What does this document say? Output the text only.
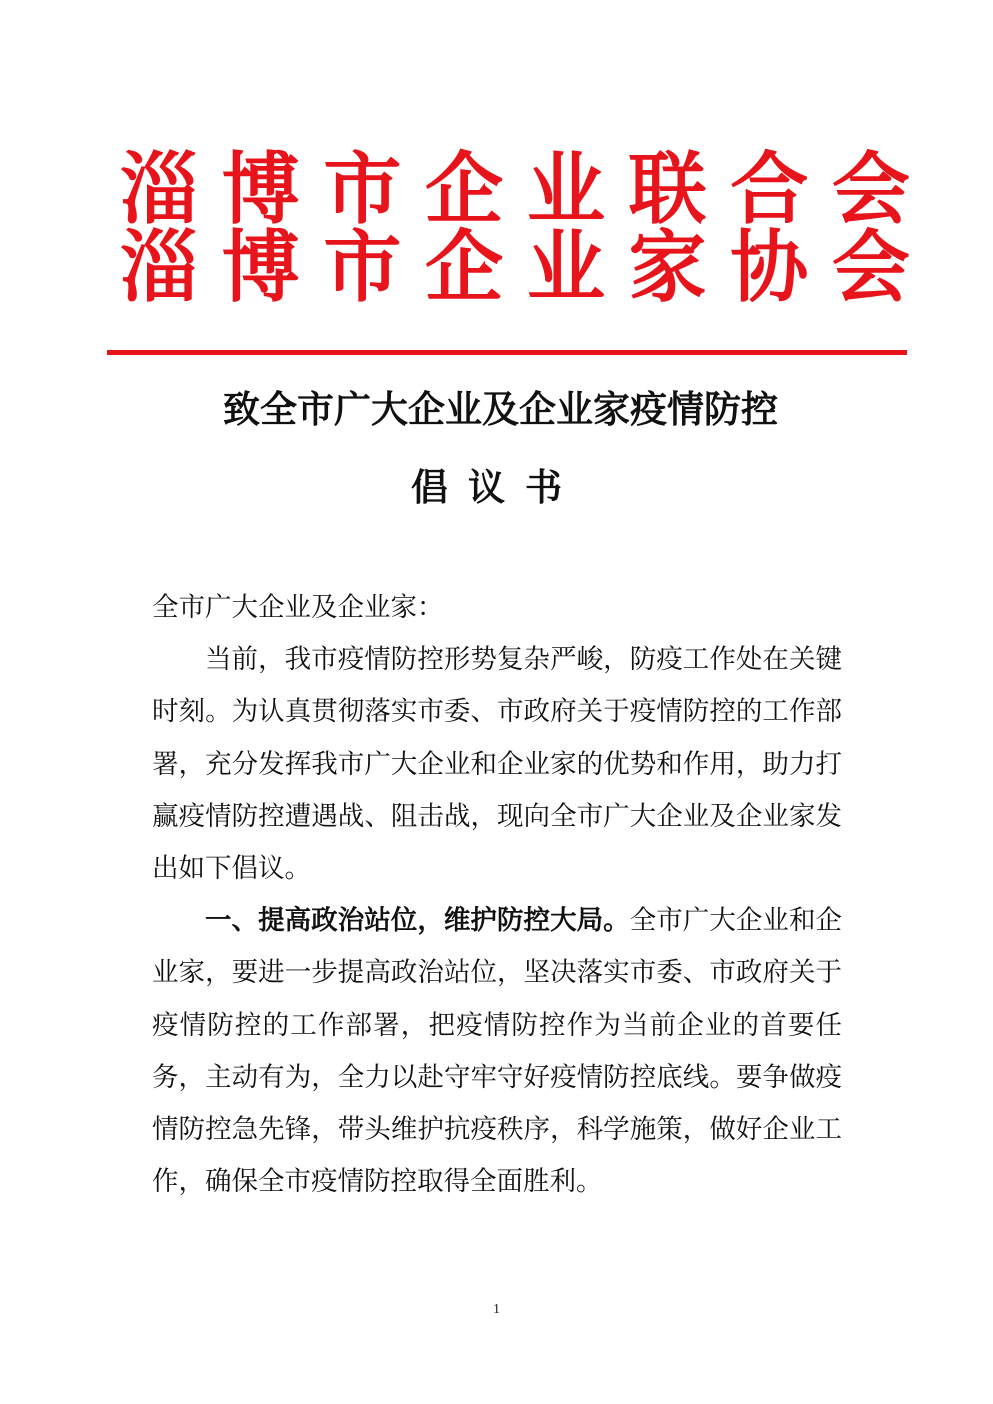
淄 博 市 企 业 联 合 会
淄 博 市 企 业 家 协 会
致全市广大企业及企业家疫情防控
倡议书

全市广大企业及企业家：

当前，我市疫情防控形势复杂严峻，防疫工作处在关键时刻。为认真贯彻落实市委、市政府关于疫情防控的工作部署，充分发挥我市广大企业和企业家的优势和作用，助力打赢疫情防控遭遇战、阻击战，现向全市广大企业及企业家发出如下倡议。

一、提高政治站位，维护防控大局。全市广大企业和企业家，要进一步提高政治站位，坚决落实市委、市政府关于疫情防控的工作部署，把疫情防控作为当前企业的首要任务，主动有为，全力以赴守牢守好疫情防控底线。要争做疫情防控急先锋，带头维护抗疫秩序，科学施策，做好企业工作，确保全市疫情防控取得全面胜利。

1
